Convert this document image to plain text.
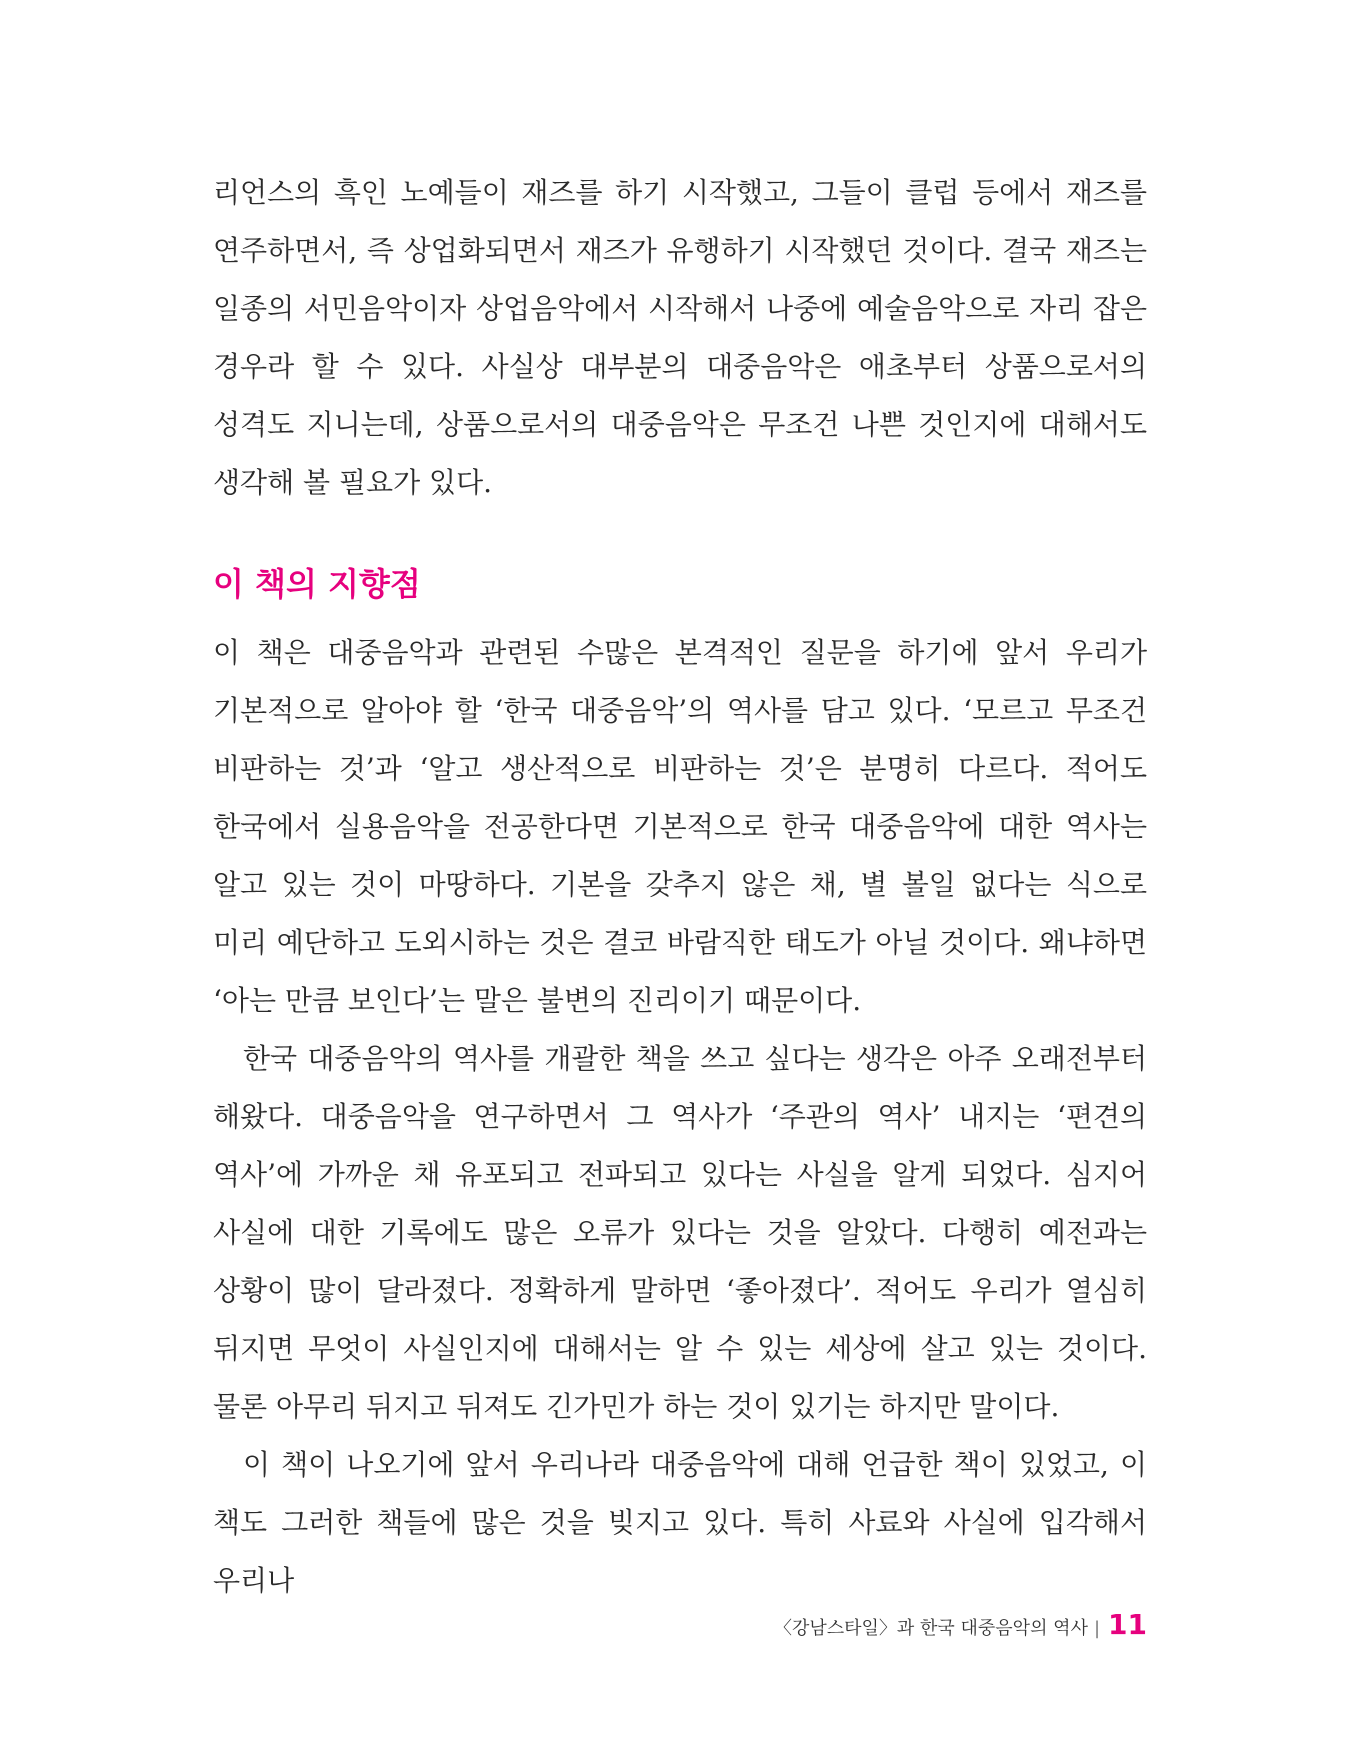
리언스의 흑인 노예들이 재즈를 하기 시작했고, 그들이 클럽 등에서 재즈를 연주하면서, 즉 상업화되면서 재즈가 유행하기 시작했던 것이다. 결국 재즈는 일종의 서민음악이자 상업음악에서 시작해서 나중에 예술음악으로 자리 잡은 경우라 할 수 있다. 사실상 대부분의 대중음악은 애초부터 상품으로서의 성격도 지니는데, 상품으로서의 대중음악은 무조건 나쁜 것인지에 대해서도 생각해 볼 필요가 있다.

이 책의 지향점

이 책은 대중음악과 관련된 수많은 본격적인 질문을 하기에 앞서 우리가 기본적으로 알아야 할 ‘한국 대중음악’의 역사를 담고 있다. ‘모르고 무조건 비판하는 것’과 ‘알고 생산적으로 비판하는 것’은 분명히 다르다. 적어도 한국에서 실용음악을 전공한다면 기본적으로 한국 대중음악에 대한 역사는 알고 있는 것이 마땅하다. 기본을 갖추지 않은 채, 별 볼일 없다는 식으로 미리 예단하고 도외시하는 것은 결코 바람직한 태도가 아닐 것이다. 왜냐하면 ‘아는 만큼 보인다’는 말은 불변의 진리이기 때문이다.

한국 대중음악의 역사를 개괄한 책을 쓰고 싶다는 생각은 아주 오래전부터 해왔다. 대중음악을 연구하면서 그 역사가 ‘주관의 역사’ 내지는 ‘편견의 역사’에 가까운 채 유포되고 전파되고 있다는 사실을 알게 되었다. 심지어 사실에 대한 기록에도 많은 오류가 있다는 것을 알았다. 다행히 예전과는 상황이 많이 달라졌다. 정확하게 말하면 ‘좋아졌다’. 적어도 우리가 열심히 뒤지면 무엇이 사실인지에 대해서는 알 수 있는 세상에 살고 있는 것이다. 물론 아무리 뒤지고 뒤져도 긴가민가 하는 것이 있기는 하지만 말이다.

이 책이 나오기에 앞서 우리나라 대중음악에 대해 언급한 책이 있었고, 이 책도 그러한 책들에 많은 것을 빚지고 있다. 특히 사료와 사실에 입각해서 우리나

〈강남스타일〉과 한국 대중음악의 역사 | 11
